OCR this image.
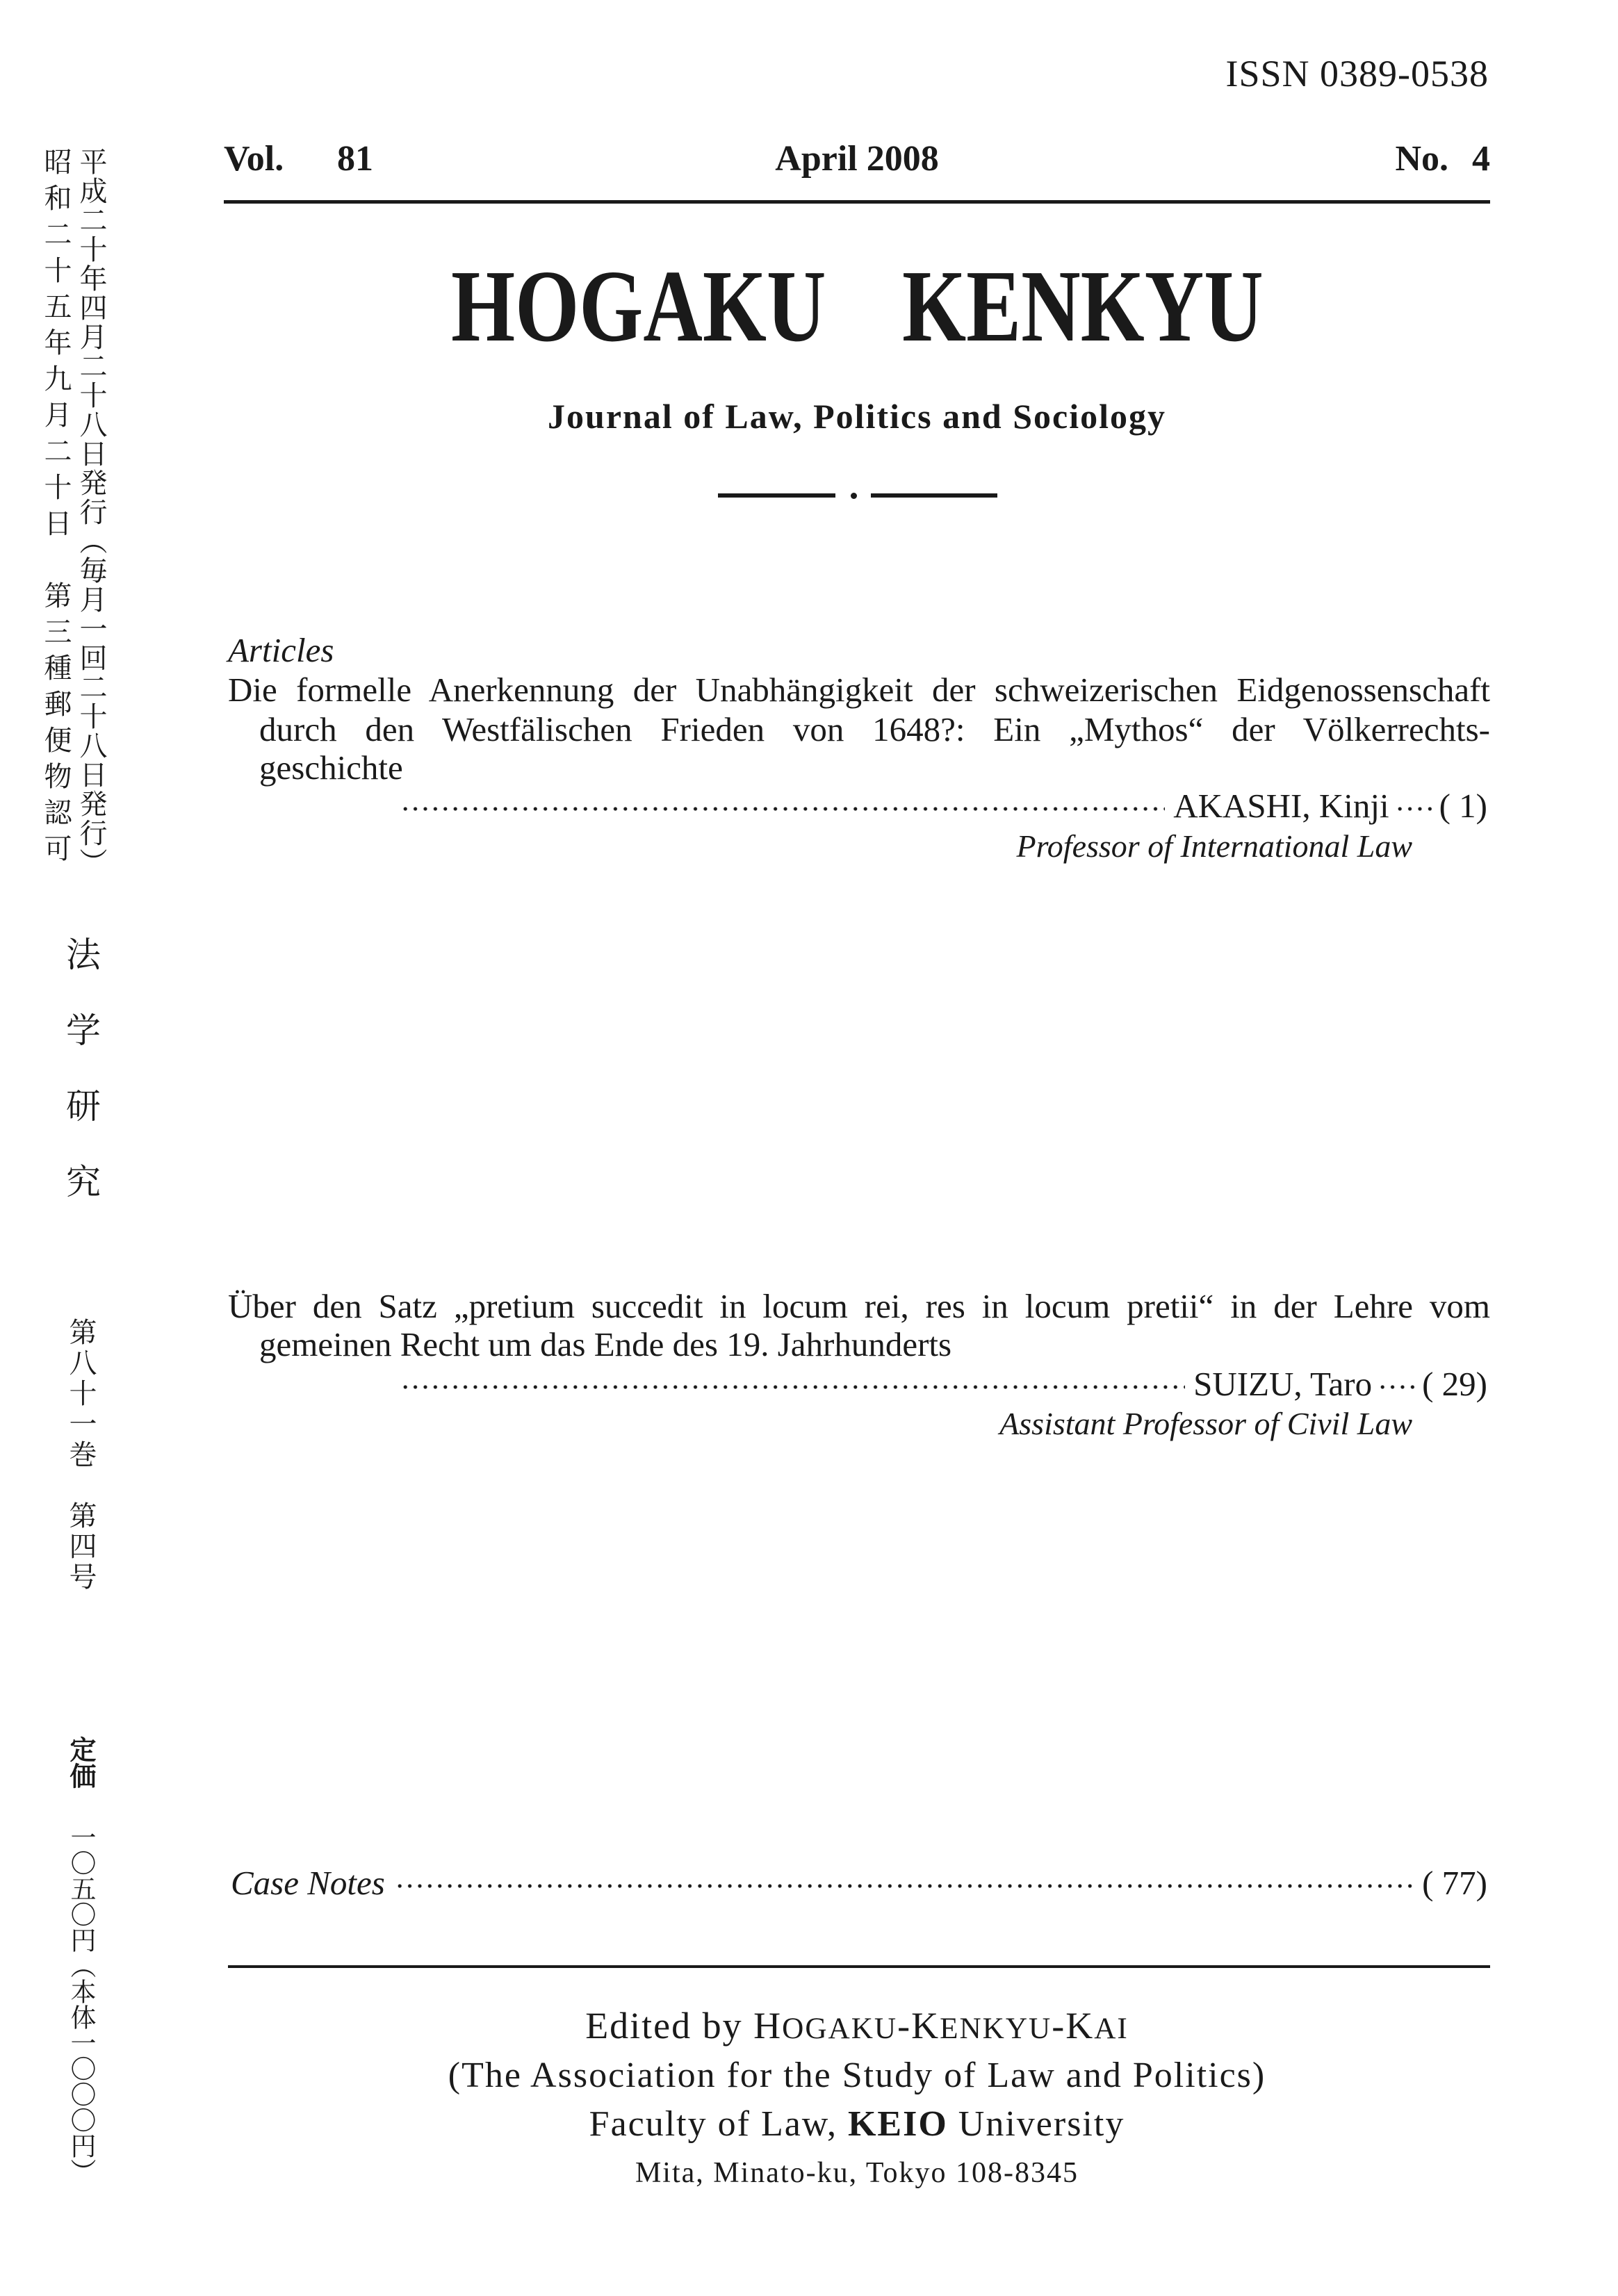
ISSN 0389-0538
平成二十年四月二十八日発行（毎月一回二十八日発行）
昭和二十五年九月二十日　第三種郵便物認可
法学研究
第八十一巻　第四号
定価
一〇五〇円（本体一〇〇〇円）
Vol. 81	April 2008	No. 4
HOGAKU KENKYU
Journal of Law, Politics and Sociology
Articles
Die formelle Anerkennung der Unabhängigkeit der schweizerischen Eidgenossenschaft
durch den Westfälischen Frieden von 1648?: Ein „Mythos“ der Völkerrechts-
geschichte
AKASHI, Kinji ( 1)
Professor of International Law
Über den Satz „pretium succedit in locum rei, res in locum pretii“ in der Lehre vom
gemeinen Recht um das Ende des 19. Jahrhunderts
SUIZU, Taro ( 29)
Assistant Professor of Civil Law
Case Notes	( 77)
Edited by HOGAKU-KENKYU-KAI
(The Association for the Study of Law and Politics)
Faculty of Law, KEIO University
Mita, Minato-ku, Tokyo 108-8345
